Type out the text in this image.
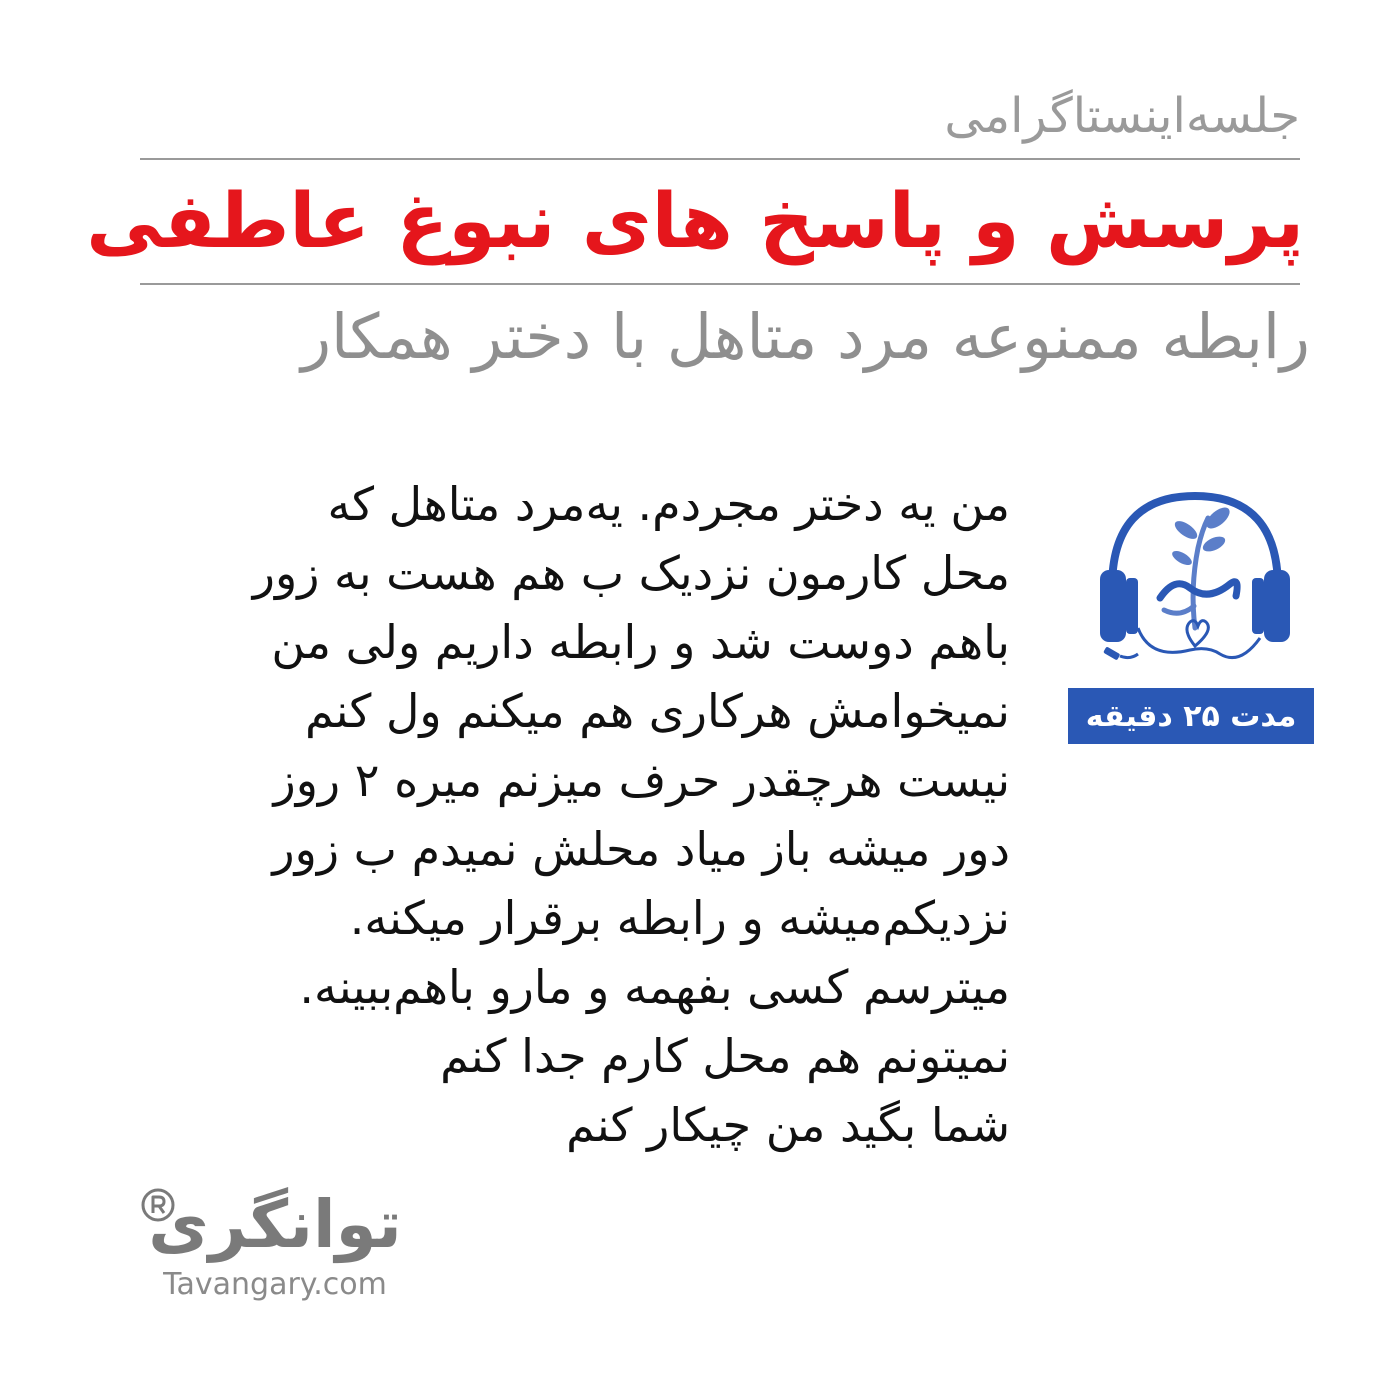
جلسه‌اینستاگرامی
پرسش و پاسخ های نبوغ عاطفی
رابطه ممنوعه مرد متاهل با دختر همکار
من یه دختر مجردم. یه‌مرد متاهل که
محل کارمون نزدیک ب هم هست به زور
باهم دوست شد و رابطه داریم ولی من
نمیخوامش هرکاری هم میکنم ول کنم
نیست هرچقدر حرف میزنم میره ۲ روز
دور میشه باز میاد محلش نمیدم ب زور
نزدیکم‌میشه و رابطه برقرار میکنه.
میترسم کسی بفهمه و مارو باهم‌ببینه.
نمیتونم هم محل کارم جدا کنم
شما بگید من چیکار کنم
مدت ۲۵ دقیقه
توانگری
Tavangary.com
